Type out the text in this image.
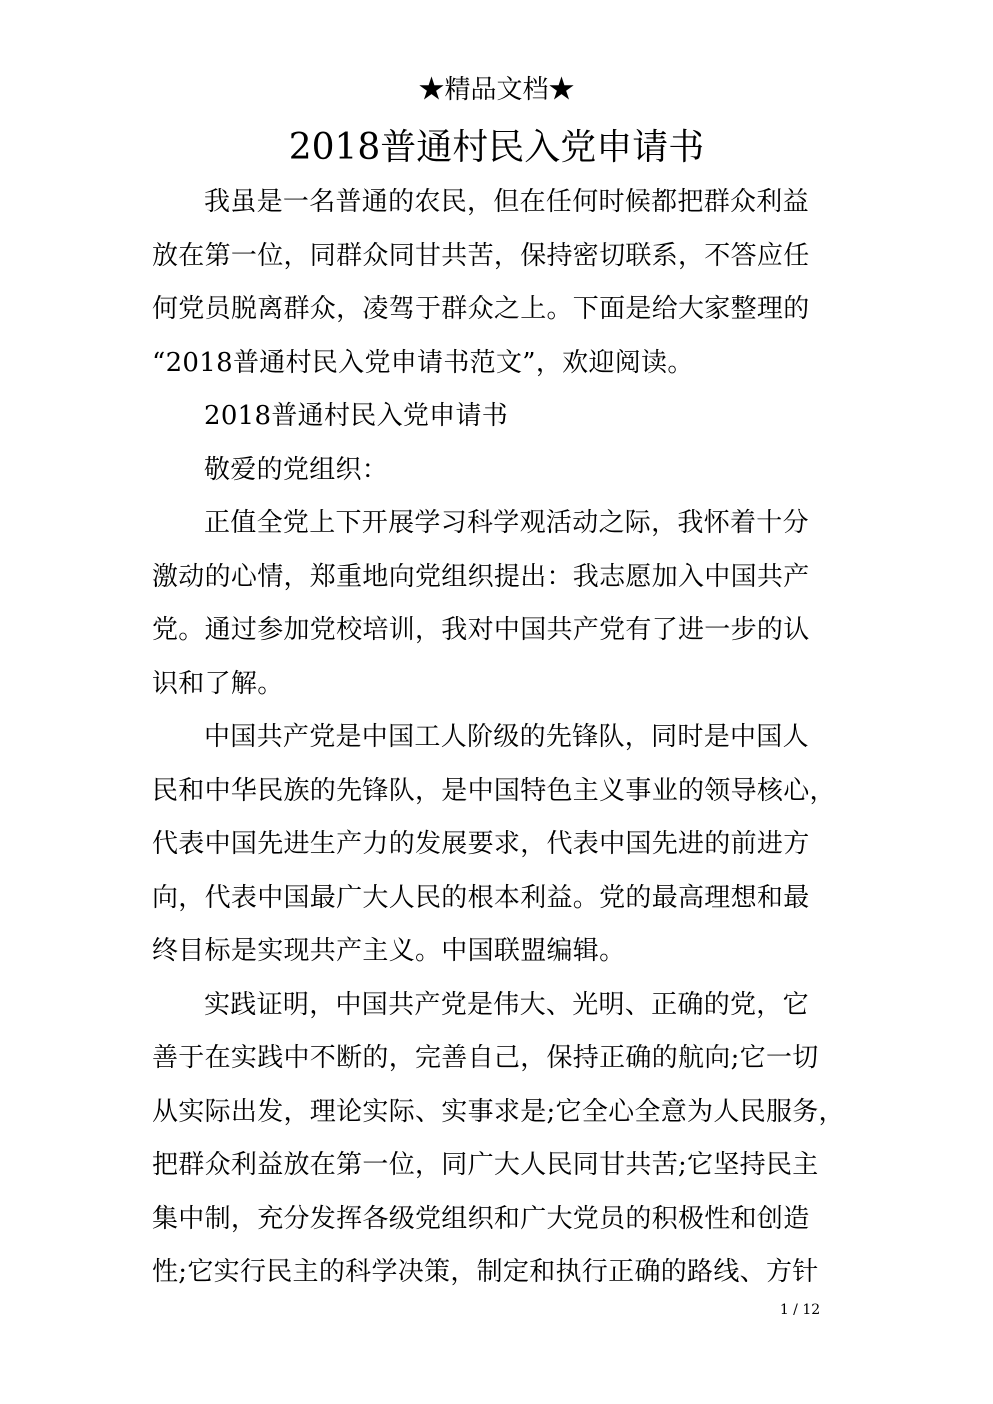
★精品文档★
2018普通村民入党申请书
我虽是一名普通的农民，但在任何时候都把群众利益
放在第一位，同群众同甘共苦，保持密切联系，不答应任
何党员脱离群众，凌驾于群众之上。下面是给大家整理的
“2018普通村民入党申请书范文”，欢迎阅读。
2018普通村民入党申请书
敬爱的党组织：
正值全党上下开展学习科学观活动之际，我怀着十分
激动的心情，郑重地向党组织提出：我志愿加入中国共产
党。通过参加党校培训，我对中国共产党有了进一步的认
识和了解。
中国共产党是中国工人阶级的先锋队，同时是中国人
民和中华民族的先锋队，是中国特色主义事业的领导核心，
代表中国先进生产力的发展要求，代表中国先进的前进方
向，代表中国最广大人民的根本利益。党的最高理想和最
终目标是实现共产主义。中国联盟编辑。
实践证明，中国共产党是伟大、光明、正确的党，它
善于在实践中不断的，完善自己，保持正确的航向;它一切
从实际出发，理论实际、实事求是;它全心全意为人民服务，
把群众利益放在第一位，同广大人民同甘共苦;它坚持民主
集中制，充分发挥各级党组织和广大党员的积极性和创造
性;它实行民主的科学决策，制定和执行正确的路线、方针
1 / 12
